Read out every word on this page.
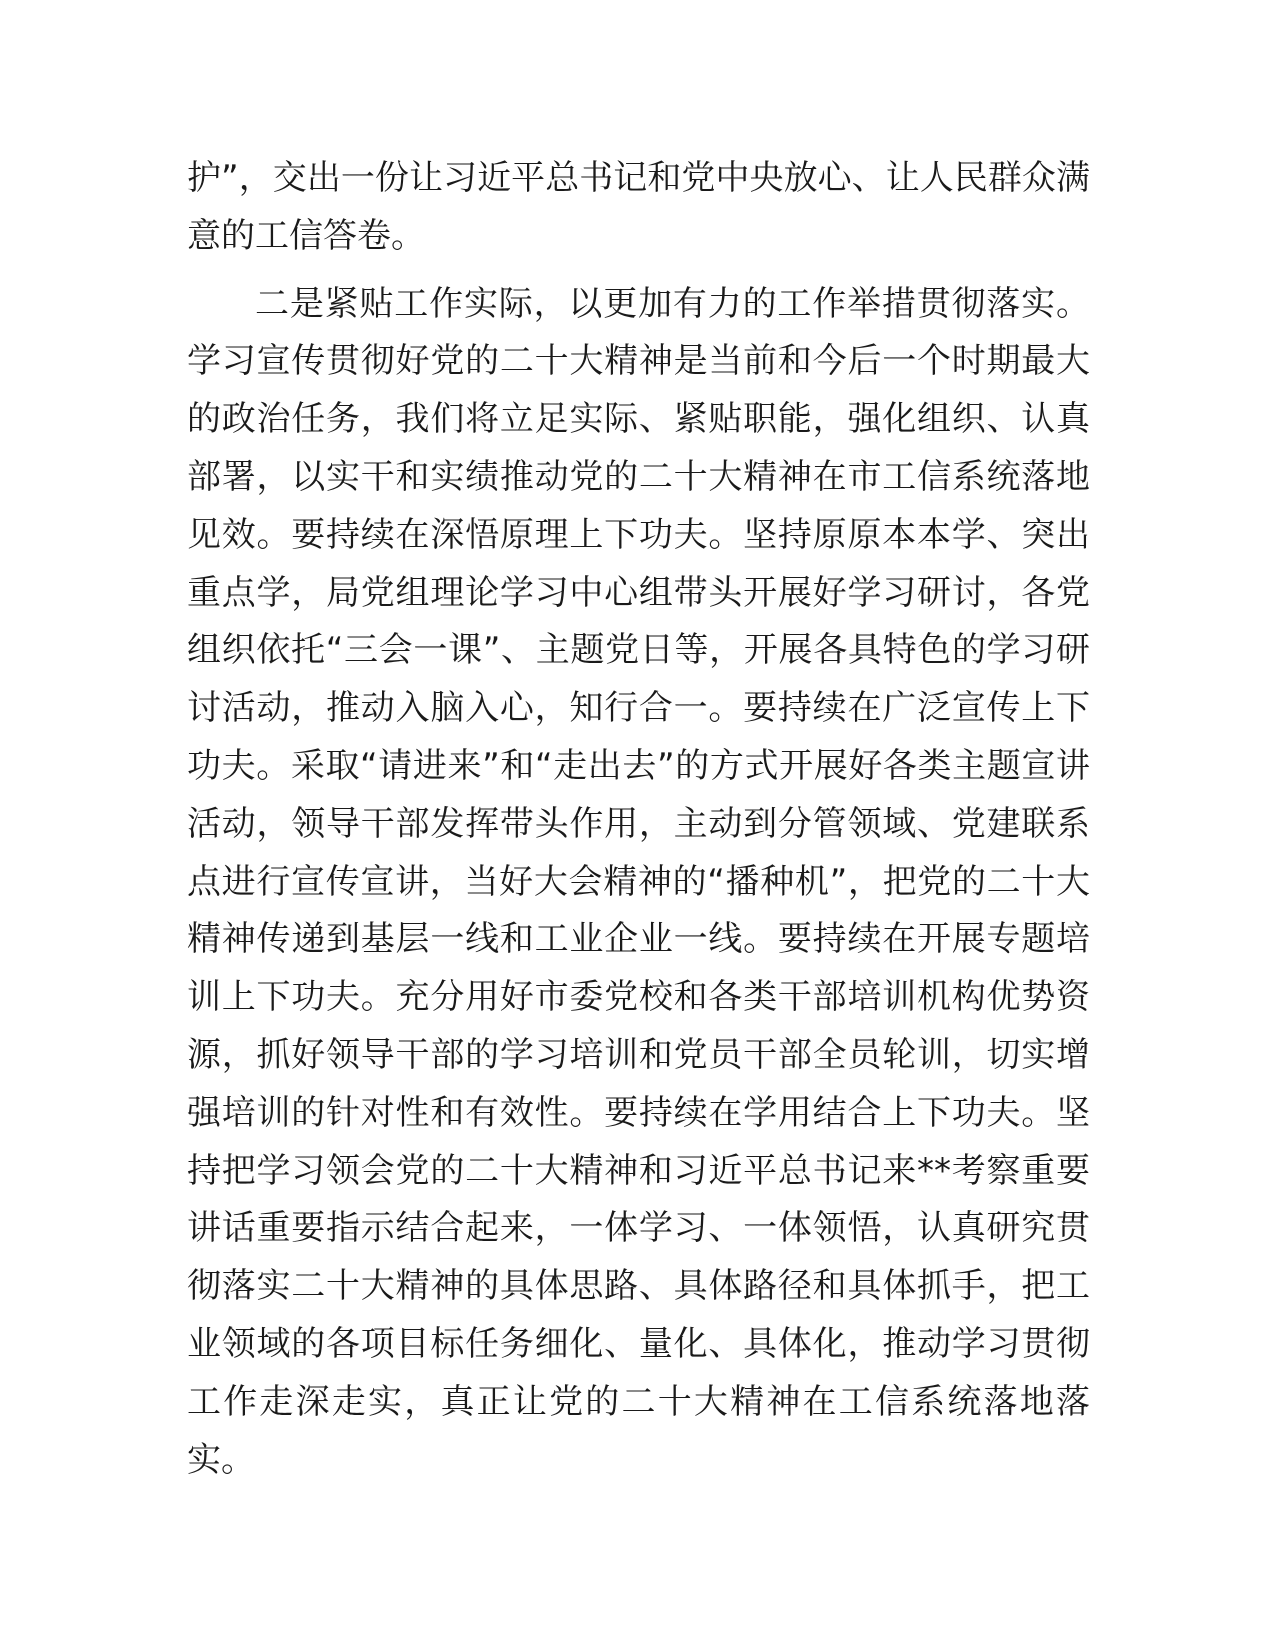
护”，交出一份让习近平总书记和党中央放心、让人民群众满意的工信答卷。

二是紧贴工作实际，以更加有力的工作举措贯彻落实。学习宣传贯彻好党的二十大精神是当前和今后一个时期最大的政治任务，我们将立足实际、紧贴职能，强化组织、认真部署，以实干和实绩推动党的二十大精神在市工信系统落地见效。要持续在深悟原理上下功夫。坚持原原本本学、突出重点学，局党组理论学习中心组带头开展好学习研讨，各党组织依托“三会一课”、主题党日等，开展各具特色的学习研讨活动，推动入脑入心，知行合一。要持续在广泛宣传上下功夫。采取“请进来”和“走出去”的方式开展好各类主题宣讲活动，领导干部发挥带头作用，主动到分管领域、党建联系点进行宣传宣讲，当好大会精神的“播种机”，把党的二十大精神传递到基层一线和工业企业一线。要持续在开展专题培训上下功夫。充分用好市委党校和各类干部培训机构优势资源，抓好领导干部的学习培训和党员干部全员轮训，切实增强培训的针对性和有效性。要持续在学用结合上下功夫。坚持把学习领会党的二十大精神和习近平总书记来**考察重要讲话重要指示结合起来，一体学习、一体领悟，认真研究贯彻落实二十大精神的具体思路、具体路径和具体抓手，把工业领域的各项目标任务细化、量化、具体化，推动学习贯彻工作走深走实，真正让党的二十大精神在工信系统落地落实。
